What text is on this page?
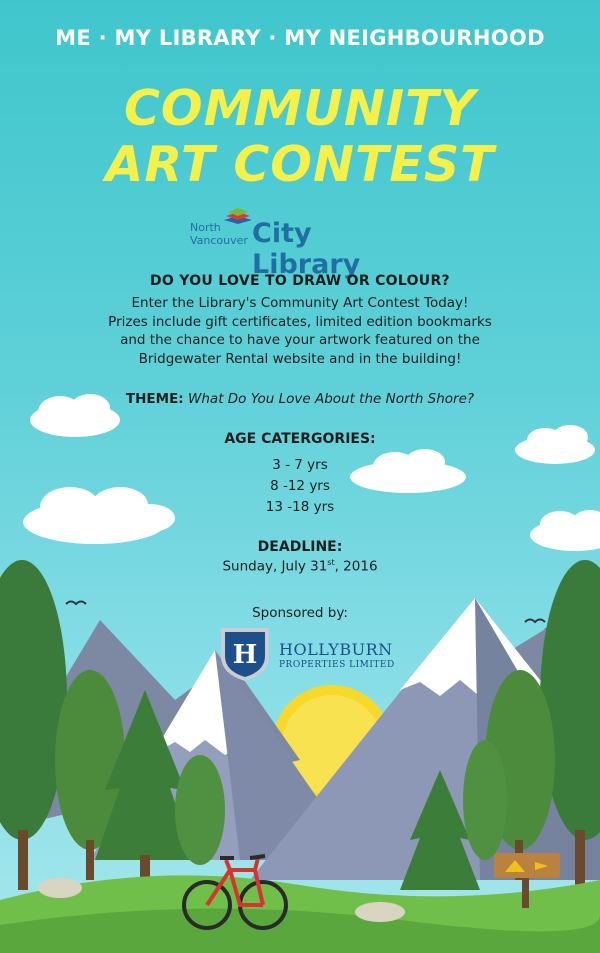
ME · MY LIBRARY · MY NEIGHBOURHOOD
COMMUNITY
ART CONTEST
North
Vancouver City Library
DO YOU LOVE TO DRAW OR COLOUR?
Enter the Library's Community Art Contest Today!
Prizes include gift certificates, limited edition bookmarks
and the chance to have your artwork featured on the
Bridgewater Rental website and in the building!
THEME: What Do You Love About the North Shore?
AGE CATERGORIES:
3 - 7 yrs
8 -12 yrs
13 -18 yrs
DEADLINE:
Sunday, July 31st, 2016
Sponsored by:
H HOLLYBURN
PROPERTIES LIMITED
